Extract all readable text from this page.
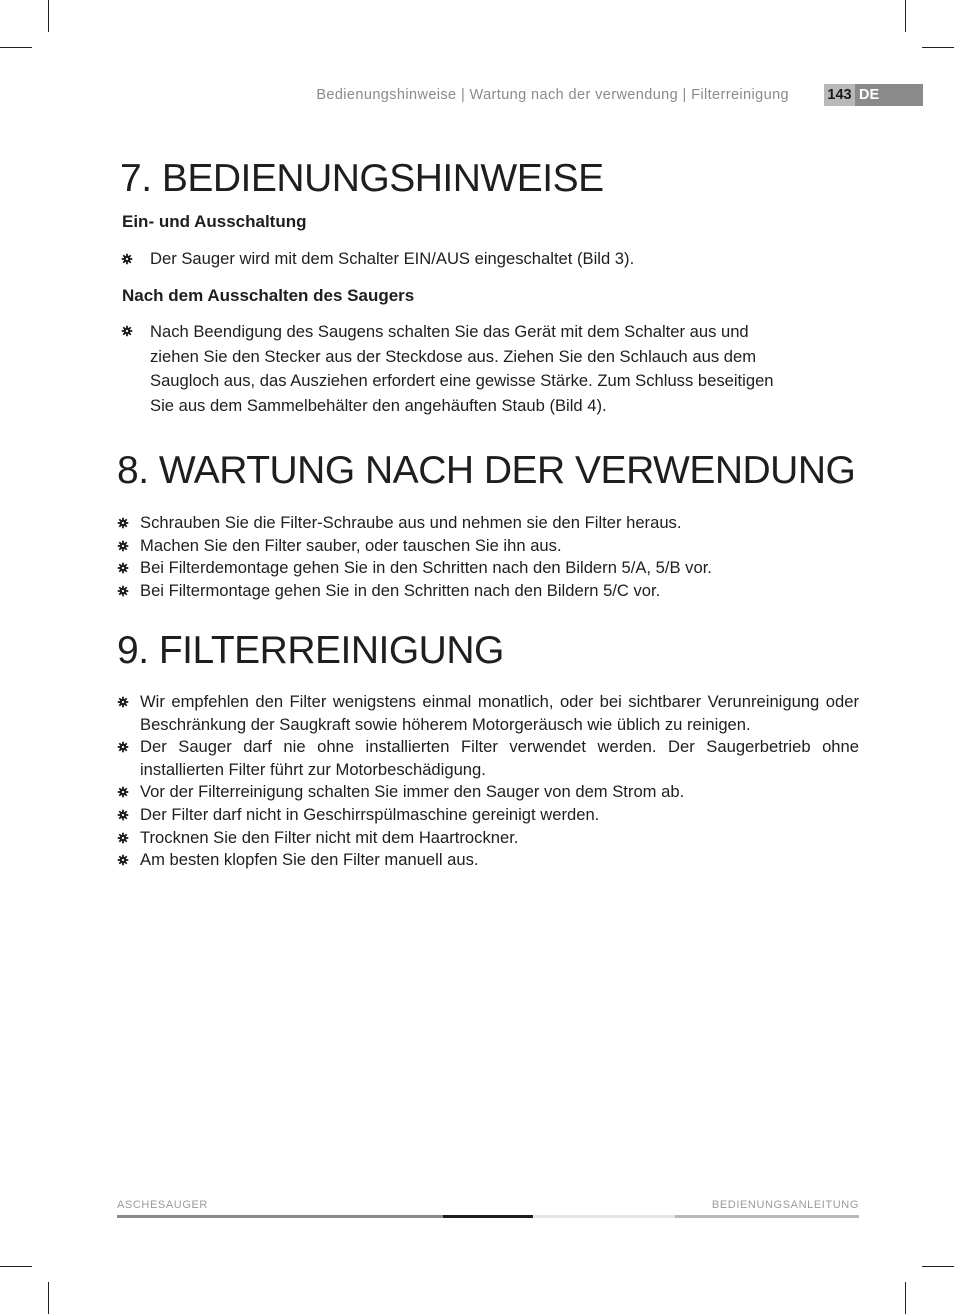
Bedienungshinweise | Wartung nach der verwendung | Filterreinigung	143 DE
7. BEDIENUNGSHINWEISE
Ein- und Ausschaltung
Der Sauger wird mit dem Schalter EIN/AUS eingeschaltet (Bild 3).
Nach dem Ausschalten des Saugers
Nach Beendigung des Saugens schalten Sie das Gerät mit dem Schalter aus und ziehen Sie den Stecker aus der Steckdose aus. Ziehen Sie den Schlauch aus dem Saugloch aus, das Ausziehen erfordert eine gewisse Stärke. Zum Schluss beseitigen Sie aus dem Sammelbehälter den angehäuften Staub (Bild 4).
8. WARTUNG NACH DER VERWENDUNG
Schrauben Sie die Filter-Schraube aus und nehmen sie den Filter heraus.
Machen Sie den Filter sauber, oder tauschen Sie ihn aus.
Bei Filterdemontage gehen Sie in den Schritten nach den Bildern 5/A, 5/B vor.
Bei Filtermontage gehen Sie in den Schritten nach den Bildern 5/C vor.
9. FILTERREINIGUNG
Wir empfehlen den Filter wenigstens einmal monatlich, oder bei sichtbarer Verunreinigung oder Beschränkung der Saugkraft sowie höherem Motorgeräusch wie üblich zu reinigen.
Der Sauger darf nie ohne installierten Filter verwendet werden. Der Saugerbetrieb ohne installierten Filter führt zur Motorbeschädigung.
Vor der Filterreinigung schalten Sie immer den Sauger von dem Strom ab.
Der Filter darf nicht in Geschirrspülmaschine gereinigt werden.
Trocknen Sie den Filter nicht mit dem Haartrockner.
Am besten klopfen Sie den Filter manuell aus.
ASCHESAUGER	BEDIENUNGSANLEITUNG
